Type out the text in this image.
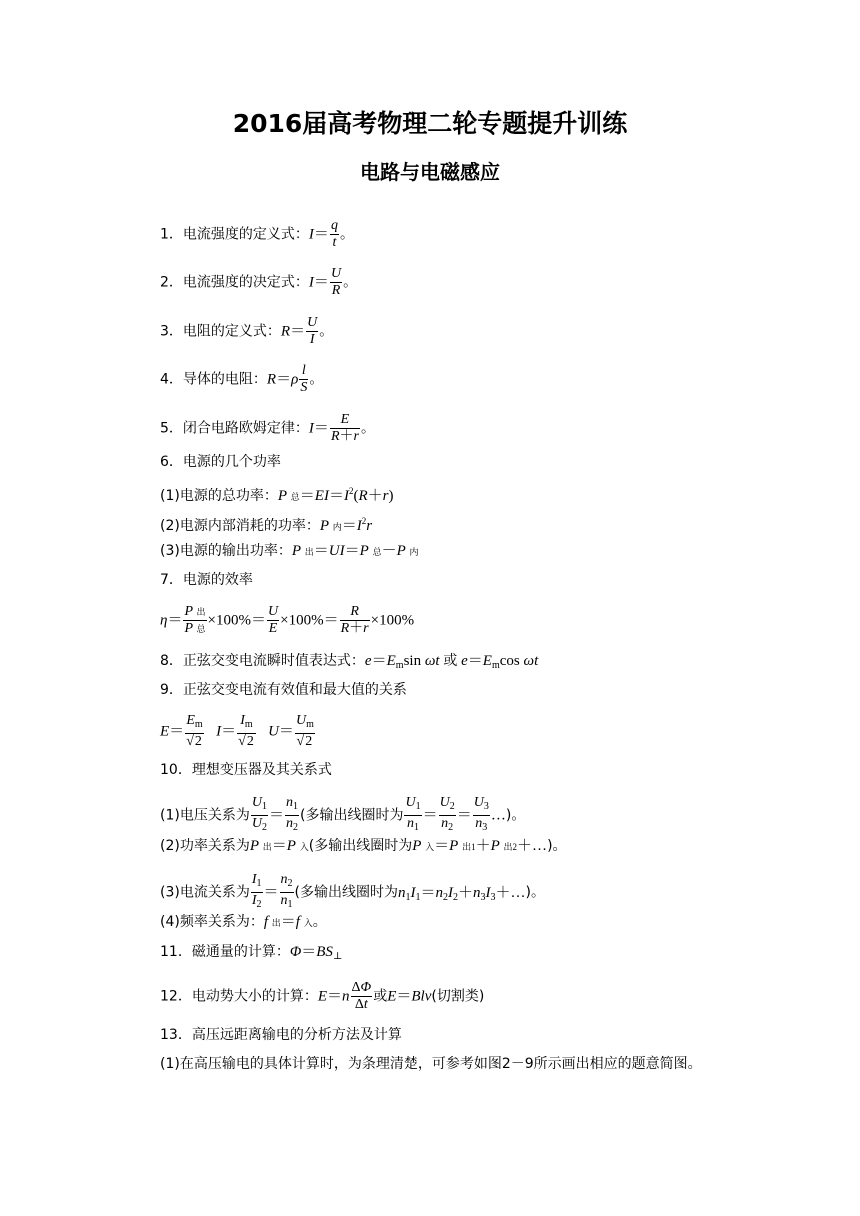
2016届高考物理二轮专题提升训练
电路与电磁感应
1．电流强度的定义式：$I= \frac{q}{t}$ 。
2．电流强度的决定式：$I= \frac{U}{R}$ 。
3．电阻的定义式：$R= \frac{U}{I}$ 。
4．导体的电阻：$R=\rho \frac{l}{S}$ 。
5．闭合电路欧姆定律：$I= \frac{E}{R+r}$ 。
6．电源的几个功率
(1)电源的总功率：P 总$=EI=I^2(R+r)$
(2)电源内部消耗的功率：P 内$=I^2r$
(3)电源的输出功率：P 出＝UI＝P 总－P 内
7．电源的效率
$\eta= \frac{\text{P 出}}{\text{P 总}} \times 100\%= \frac{U}{E} \times 100\%= \frac{R}{R+r} \times 100\%$
8．正弦交变电流瞬时值表达式：$e=E_m\sin$ ωt 或 $e=E_m\cos$ ωt
9．正弦交变电流有效值和最大值的关系
$E= \frac{E_m}{√2} I= \frac{I_m}{√2} U= \frac{U_m}{√2}$
10．理想变压器及其关系式
(1)电压关系为 $\frac{U_1}{U_2} = \frac{n_1}{n_2}$ (多输出线圈时为 $\frac{U_1}{n_1} = \frac{U_2}{n_2} = \frac{U_3}{n_3}$ …)。
(2)功率关系为P 出＝P 入(多输出线圈时为P 入＝P 出1＋P 出2＋…)。
(3)电流关系为 $\frac{I_1}{I_2} = \frac{n_2}{n_1}$ (多输出线圈时为$n_1I_1=n_2I_2+n_3I_3+\dots$)。
(4)频率关系为：f 出＝f 入。
11．磁通量的计算：$\Phi=BS_\perp$
12．电动势大小的计算：$E=n \frac{\Delta\Phi}{\Delta t}$ 或E＝Blv(切割类)
13．高压远距离输电的分析方法及计算
(1)在高压输电的具体计算时，为条理清楚，可参考如图2－9所示画出相应的题意简图。
